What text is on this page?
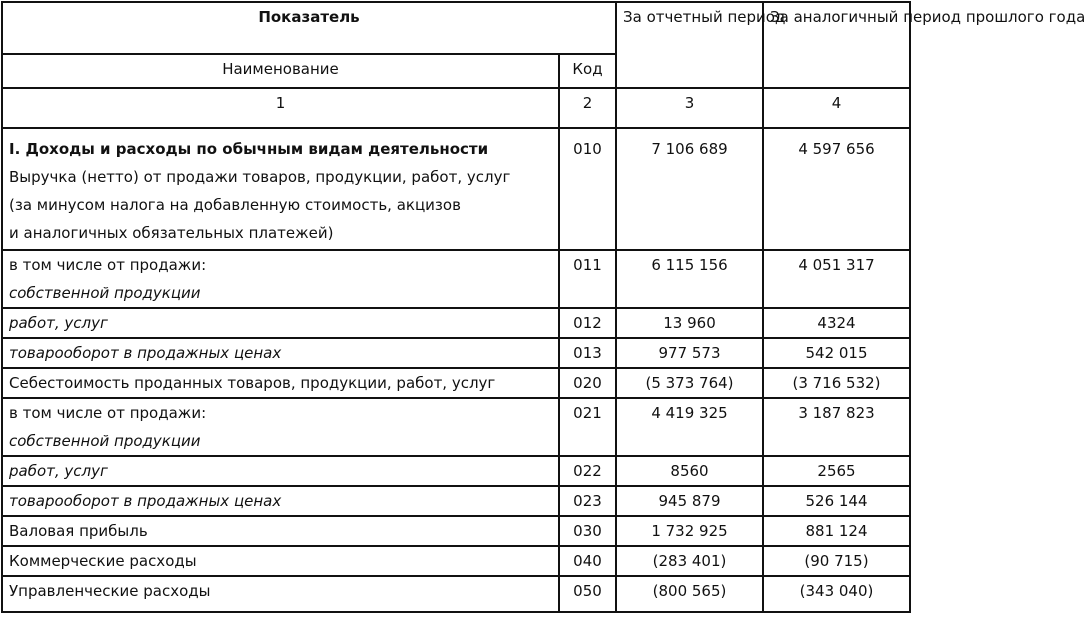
Показатель		За отчетный период	За аналогичный период прошлого года
Наименование	Код		
1	2	3	4

I. Доходы и расходы по обычным видам деятельности
Выручка (нетто) от продажи товаров, продукции, работ, услуг
(за минусом налога на добавленную стоимость, акцизов
и аналогичных обязательных платежей)	010	7 106 689	4 597 656

в том числе от продажи:
собственной продукции	011	6 115 156	4 051 317
работ, услуг	012	13 960	4324
товарооборот в продажных ценах	013	977 573	542 015
Себестоимость проданных товаров, продукции, работ, услуг	020	(5 373 764)	(3 716 532)

в том числе от продажи:
собственной продукции	021	4 419 325	3 187 823
работ, услуг	022	8560	2565
товарооборот в продажных ценах	023	945 879	526 144
Валовая прибыль	030	1 732 925	881 124
Коммерческие расходы	040	(283 401)	(90 715)
Управленческие расходы	050	(800 565)	(343 040)
